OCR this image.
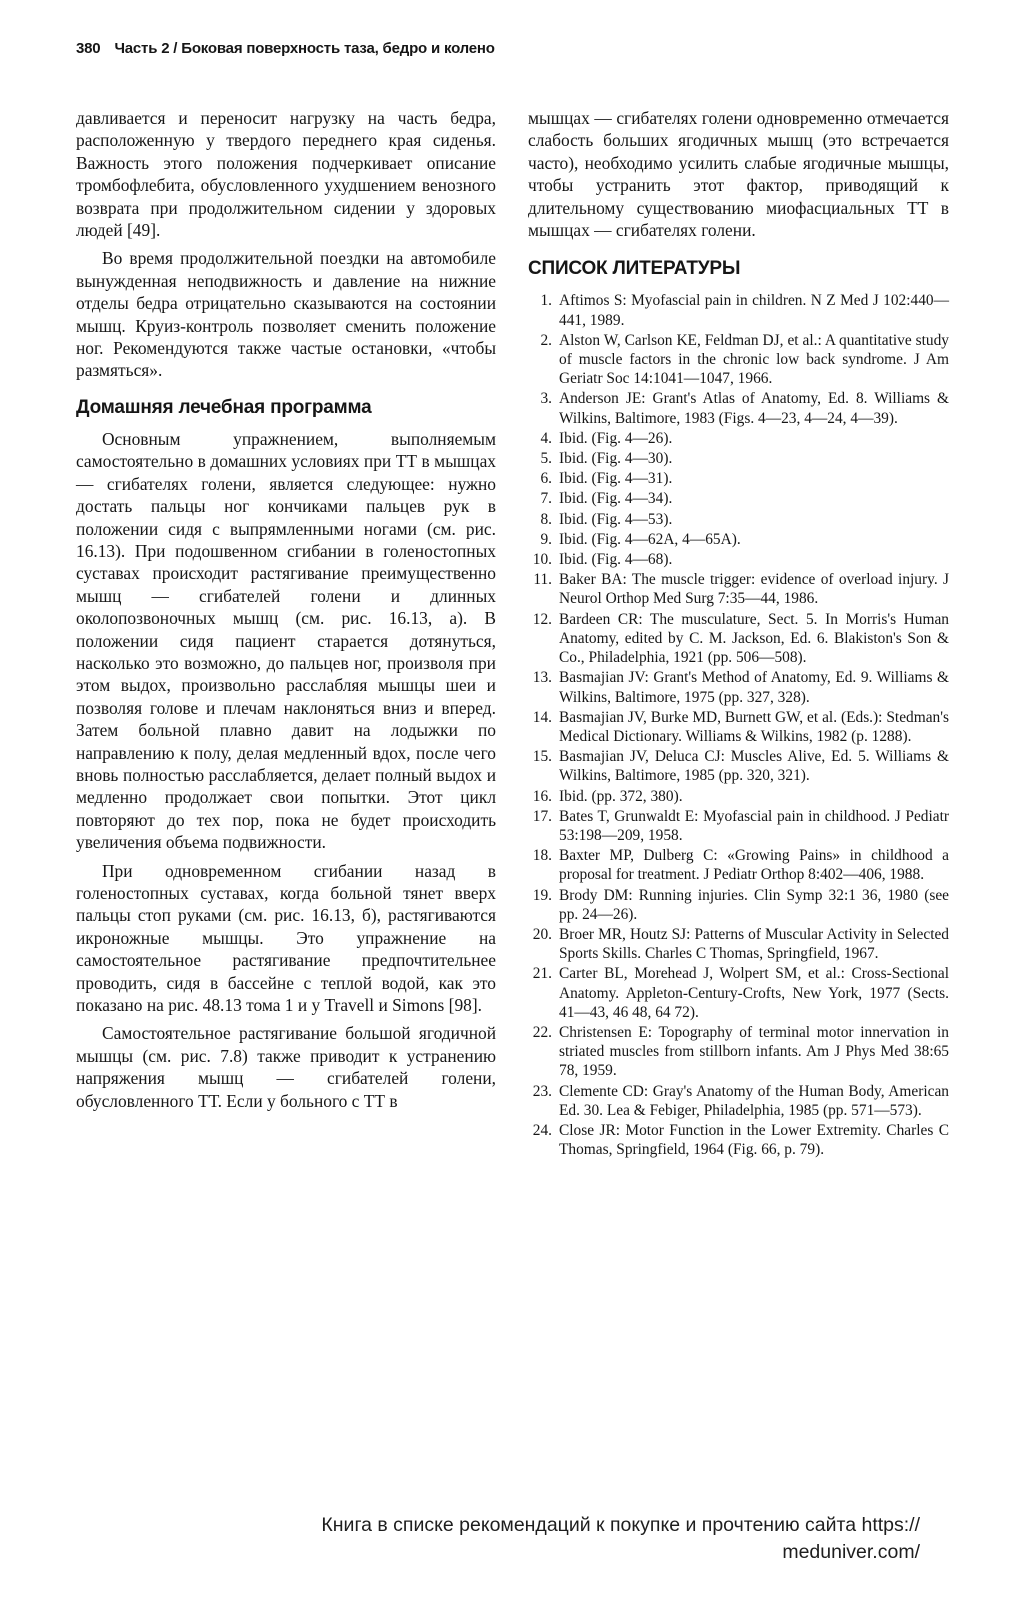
380 Часть 2 / Боковая поверхность таза, бедро и колено

давливается и переносит нагрузку на часть бедра, расположенную у твердого переднего края сиденья. Важность этого положения подчеркивает описание тромбофлебита, обусловленного ухудшением венозного возврата при продолжительном сидении у здоровых людей [49].

Во время продолжительной поездки на автомобиле вынужденная неподвижность и давление на нижние отделы бедра отрицательно сказываются на состоянии мышц. Круиз-контроль позволяет сменить положение ног. Рекомендуются также частые остановки, «чтобы размяться».

Домашняя лечебная программа

Основным упражнением, выполняемым самостоятельно в домашних условиях при ТТ в мышцах — сгибателях голени, является следующее: нужно достать пальцы ног кончиками пальцев рук в положении сидя с выпрямленными ногами (см. рис. 16.13). При подошвенном сгибании в голеностопных суставах происходит растягивание преимущественно мышц — сгибателей голени и длинных околопозвоночных мышц (см. рис. 16.13, а). В положении сидя пациент старается дотянуться, насколько это возможно, до пальцев ног, произволя при этом выдох, произвольно расслабляя мышцы шеи и позволяя голове и плечам наклоняться вниз и вперед. Затем больной плавно давит на лодыжки по направлению к полу, делая медленный вдох, после чего вновь полностью расслабляется, делает полный выдох и медленно продолжает свои попытки. Этот цикл повторяют до тех пор, пока не будет происходить увеличения объема подвижности.

При одновременном сгибании назад в голеностопных суставах, когда больной тянет вверх пальцы стоп руками (см. рис. 16.13, б), растягиваются икроножные мышцы. Это упражнение на самостоятельное растягивание предпочтительнее проводить, сидя в бассейне с теплой водой, как это показано на рис. 48.13 тома 1 и у Travell и Simons [98].

Самостоятельное растягивание большой ягодичной мышцы (см. рис. 7.8) также приводит к устранению напряжения мышц — сгибателей голени, обусловленного ТТ. Если у больного с ТТ в

мышцах — сгибателях голени одновременно отмечается слабость больших ягодичных мышц (это встречается часто), необходимо усилить слабые ягодичные мышцы, чтобы устранить этот фактор, приводящий к длительному существованию миофасциальных ТТ в мышцах — сгибателях голени.

СПИСОК ЛИТЕРАТУРЫ
1. Aftimos S: Myofascial pain in children. N Z Med J 102:440—441, 1989.
2. Alston W, Carlson KE, Feldman DJ, et al.: A quantitative study of muscle factors in the chronic low back syndrome. J Am Geriatr Soc 14:1041—1047, 1966.
3. Anderson JE: Grant's Atlas of Anatomy, Ed. 8. Williams & Wilkins, Baltimore, 1983 (Figs. 4—23, 4—24, 4—39).
4. Ibid. (Fig. 4—26).
5. Ibid. (Fig. 4—30).
6. Ibid. (Fig. 4—31).
7. Ibid. (Fig. 4—34).
8. Ibid. (Fig. 4—53).
9. Ibid. (Fig. 4—62A, 4—65A).
10. Ibid. (Fig. 4—68).
11. Baker BA: The muscle trigger: evidence of overload injury. J Neurol Orthop Med Surg 7:35—44, 1986.
12. Bardeen CR: The musculature, Sect. 5. In Morris's Human Anatomy, edited by C. M. Jackson, Ed. 6. Blakiston's Son & Co., Philadelphia, 1921 (pp. 506—508).
13. Basmajian JV: Grant's Method of Anatomy, Ed. 9. Williams & Wilkins, Baltimore, 1975 (pp. 327, 328).
14. Basmajian JV, Burke MD, Burnett GW, et al. (Eds.): Stedman's Medical Dictionary. Williams & Wilkins, 1982 (p. 1288).
15. Basmajian JV, Deluca CJ: Muscles Alive, Ed. 5. Williams & Wilkins, Baltimore, 1985 (pp. 320, 321).
16. Ibid. (pp. 372, 380).
17. Bates T, Grunwaldt E: Myofascial pain in childhood. J Pediatr 53:198—209, 1958.
18. Baxter MP, Dulberg C: «Growing Pains» in childhood a proposal for treatment. J Pediatr Orthop 8:402—406, 1988.
19. Brody DM: Running injuries. Clin Symp 32:1 36, 1980 (see pp. 24—26).
20. Broer MR, Houtz SJ: Patterns of Muscular Activity in Selected Sports Skills. Charles C Thomas, Springfield, 1967.
21. Carter BL, Morehead J, Wolpert SM, et al.: Cross-Sectional Anatomy. Appleton-Century-Crofts, New York, 1977 (Sects. 41—43, 46 48, 64 72).
22. Christensen E: Topography of terminal motor innervation in striated muscles from stillborn infants. Am J Phys Med 38:65 78, 1959.
23. Clemente CD: Gray's Anatomy of the Human Body, American Ed. 30. Lea & Febiger, Philadelphia, 1985 (pp. 571—573).
24. Close JR: Motor Function in the Lower Extremity. Charles C Thomas, Springfield, 1964 (Fig. 66, p. 79).
Книга в списке рекомендаций к покупке и прочтению сайта https://
meduniver.com/
